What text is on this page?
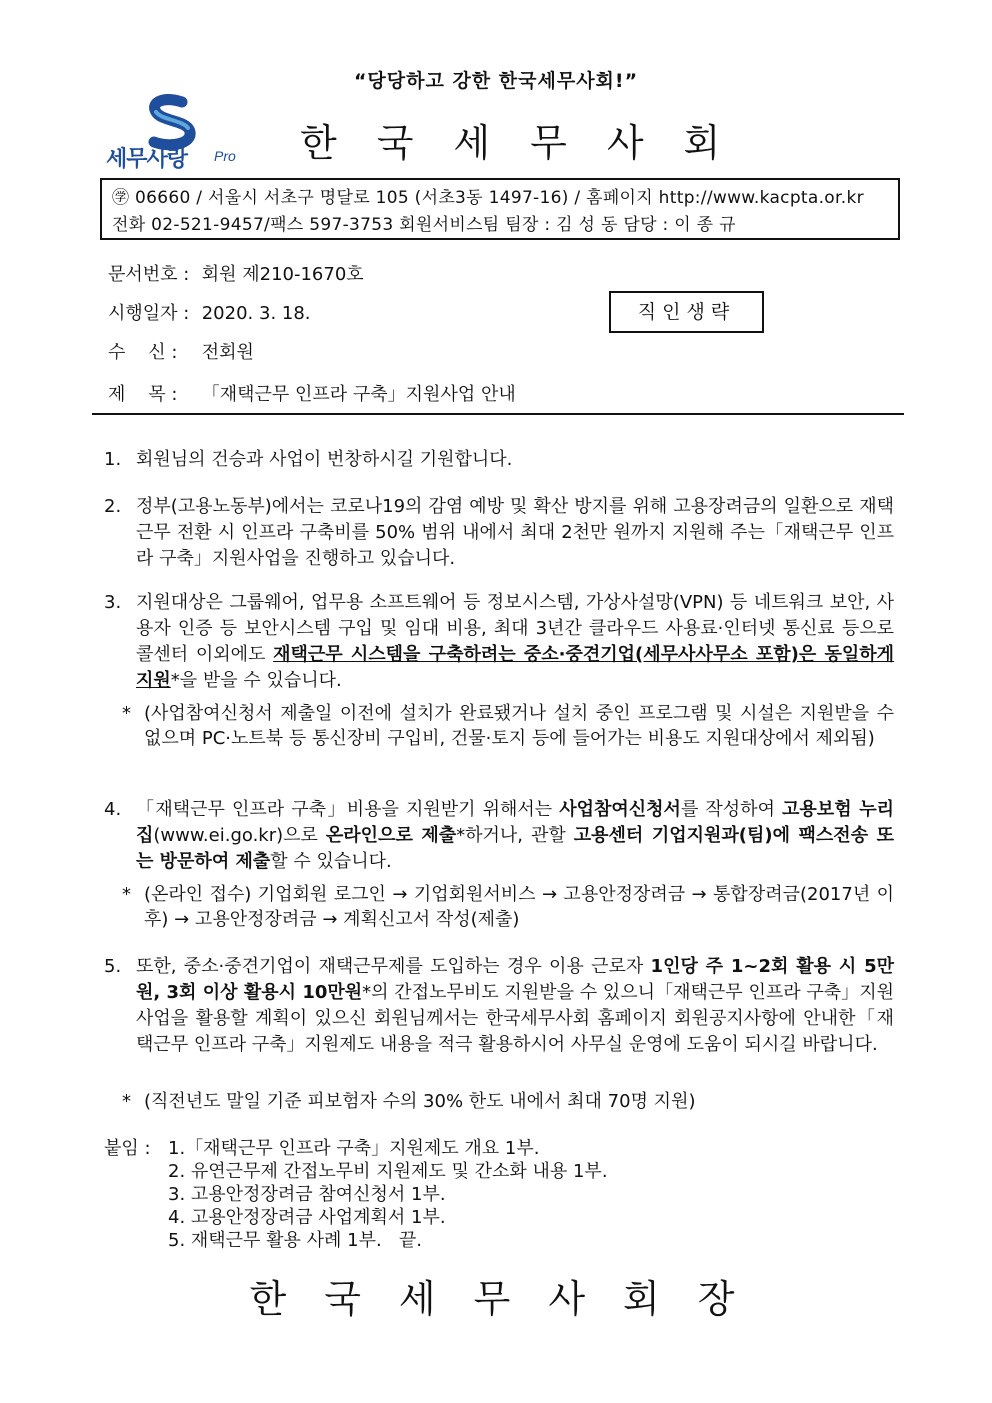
“당당하고 강한 한국세무사회!”
세무사랑 Pro 한국세무사회
㊫ 06660 / 서울시 서초구 명달로 105 (서초3동 1497-16) / 홈페이지 http://www.kacpta.or.kr
전화 02-521-9457/팩스 597-3753 회원서비스팀 팀장 : 김 성 동 담당 : 이 종 규
문서번호 : 회원 제210-1670호
시행일자 : 2020. 3. 18.	직인생략
수    신 : 전회원
제    목 : 「재택근무 인프라 구축」지원사업 안내
1. 회원님의 건승과 사업이 번창하시길 기원합니다.
2. 정부(고용노동부)에서는 코로나19의 감염 예방 및 확산 방지를 위해 고용장려금의 일환으로 재택근무 전환 시 인프라 구축비를 50% 범위 내에서 최대 2천만 원까지 지원해 주는「재택근무 인프라 구축」지원사업을 진행하고 있습니다.
3. 지원대상은 그룹웨어, 업무용 소프트웨어 등 정보시스템, 가상사설망(VPN) 등 네트워크 보안, 사용자 인증 등 보안시스템 구입 및 임대 비용, 최대 3년간 클라우드 사용료·인터넷 통신료 등으로 콜센터 이외에도 재택근무 시스템을 구축하려는 중소·중견기업(세무사사무소 포함)은 동일하게 지원*을 받을 수 있습니다.
* (사업참여신청서 제출일 이전에 설치가 완료됐거나 설치 중인 프로그램 및 시설은 지원받을 수 없으며 PC·노트북 등 통신장비 구입비, 건물·토지 등에 들어가는 비용도 지원대상에서 제외됨)
4. 「재택근무 인프라 구축」비용을 지원받기 위해서는 사업참여신청서를 작성하여 고용보험 누리집(www.ei.go.kr)으로 온라인으로 제출*하거나, 관할 고용센터 기업지원과(팀)에 팩스전송 또는 방문하여 제출할 수 있습니다.
* (온라인 접수) 기업회원 로그인 → 기업회원서비스 → 고용안정장려금 → 통합장려금(2017년 이후) → 고용안정장려금 → 계획신고서 작성(제출)
5. 또한, 중소·중견기업이 재택근무제를 도입하는 경우 이용 근로자 1인당 주 1~2회 활용 시 5만원, 3회 이상 활용시 10만원*의 간접노무비도 지원받을 수 있으니「재택근무 인프라 구축」지원사업을 활용할 계획이 있으신 회원님께서는 한국세무사회 홈페이지 회원공지사항에 안내한「재택근무 인프라 구축」지원제도 내용을 적극 활용하시어 사무실 운영에 도움이 되시길 바랍니다.
* (직전년도 말일 기준 피보험자 수의 30% 한도 내에서 최대 70명 지원)
붙임 : 1.「재택근무 인프라 구축」지원제도 개요 1부.
2. 유연근무제 간접노무비 지원제도 및 간소화 내용 1부.
3. 고용안정장려금 참여신청서 1부.
4. 고용안정장려금 사업계획서 1부.
5. 재택근무 활용 사례 1부.   끝.
한국세무사회장
